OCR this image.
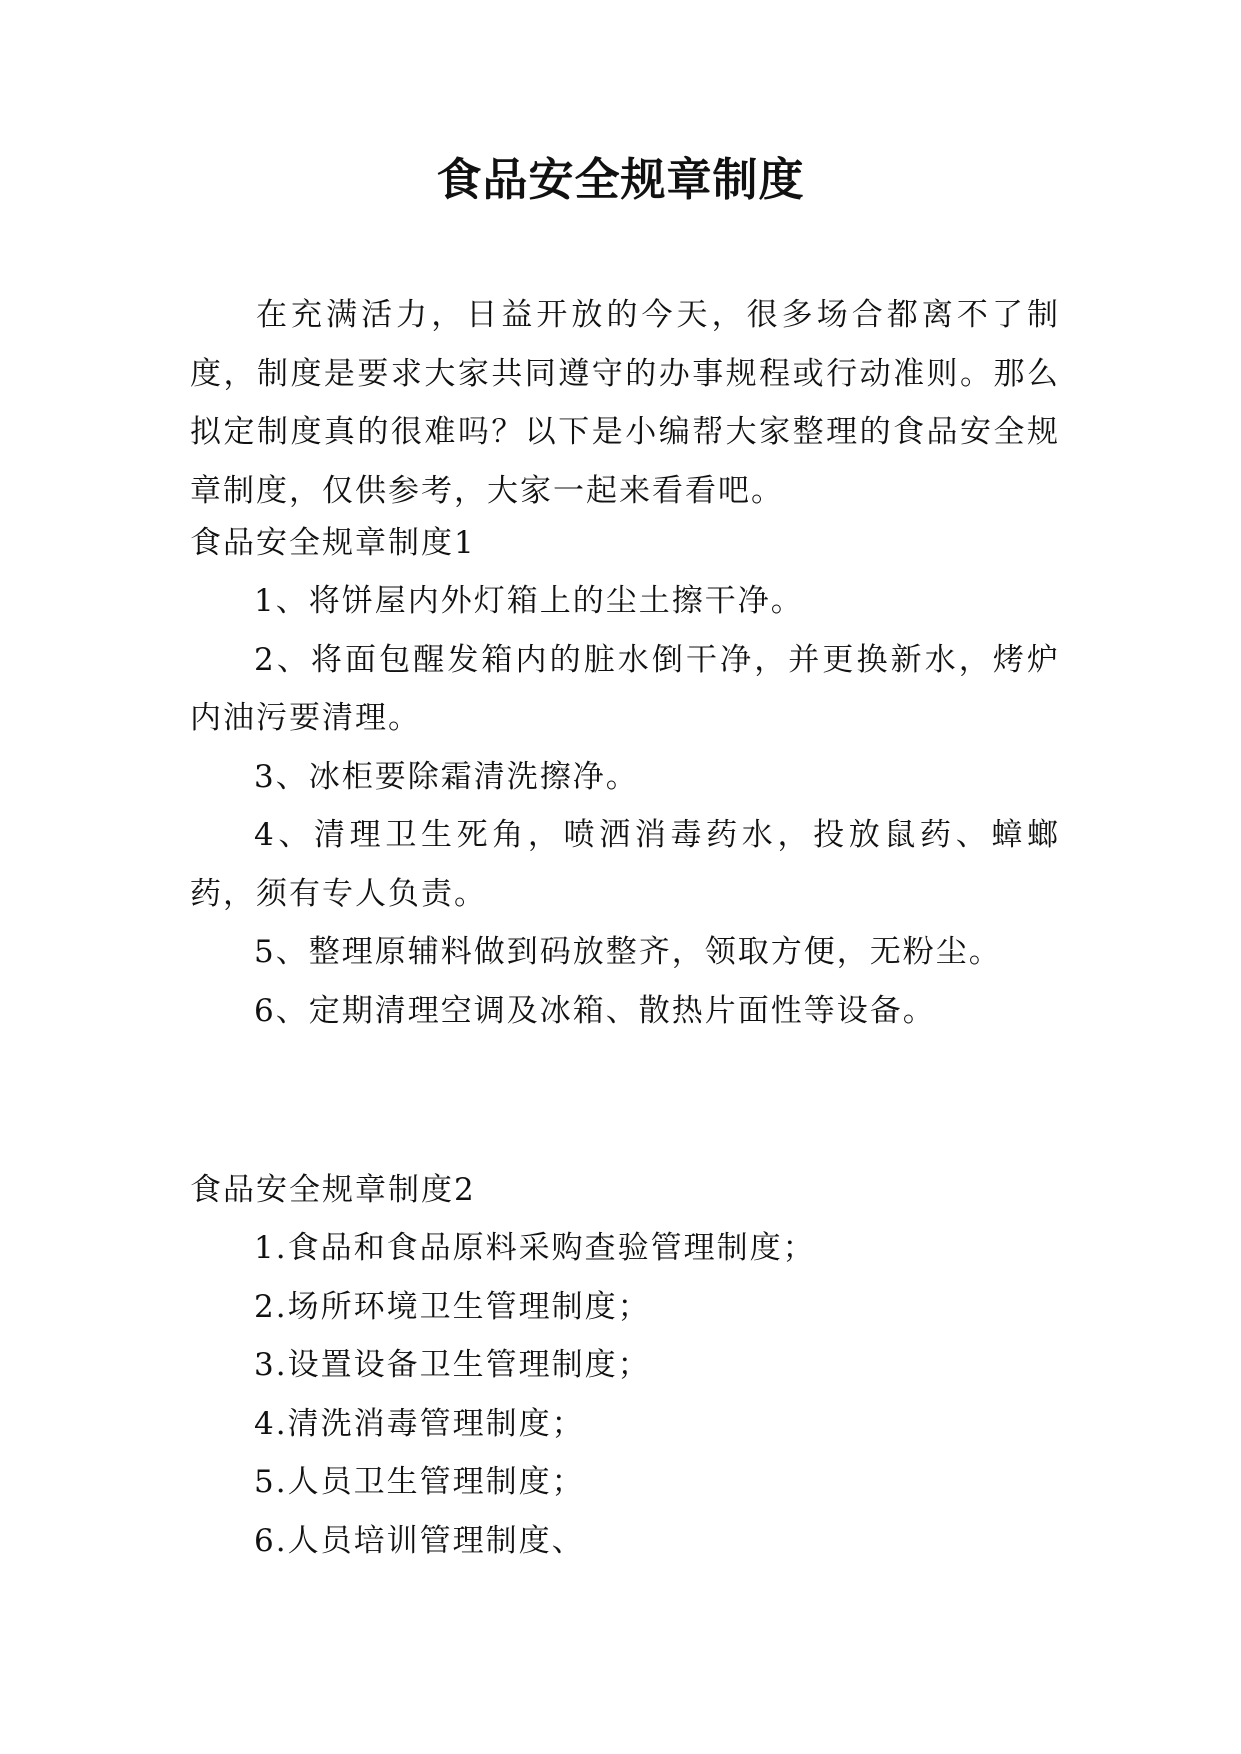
食品安全规章制度

在充满活力，日益开放的今天，很多场合都离不了制度，制度是要求大家共同遵守的办事规程或行动准则。那么拟定制度真的很难吗？以下是小编帮大家整理的食品安全规章制度，仅供参考，大家一起来看看吧。

食品安全规章制度1
1、将饼屋内外灯箱上的尘土擦干净。
2、将面包醒发箱内的脏水倒干净，并更换新水，烤炉内油污要清理。
3、冰柜要除霜清洗擦净。
4、清理卫生死角，喷洒消毒药水，投放鼠药、蟑螂药，须有专人负责。
5、整理原辅料做到码放整齐，领取方便，无粉尘。
6、定期清理空调及冰箱、散热片面性等设备。
食品安全规章制度2
1.食品和食品原料采购查验管理制度；
2.场所环境卫生管理制度；
3.设置设备卫生管理制度；
4.清洗消毒管理制度；
5.人员卫生管理制度；
6.人员培训管理制度、
